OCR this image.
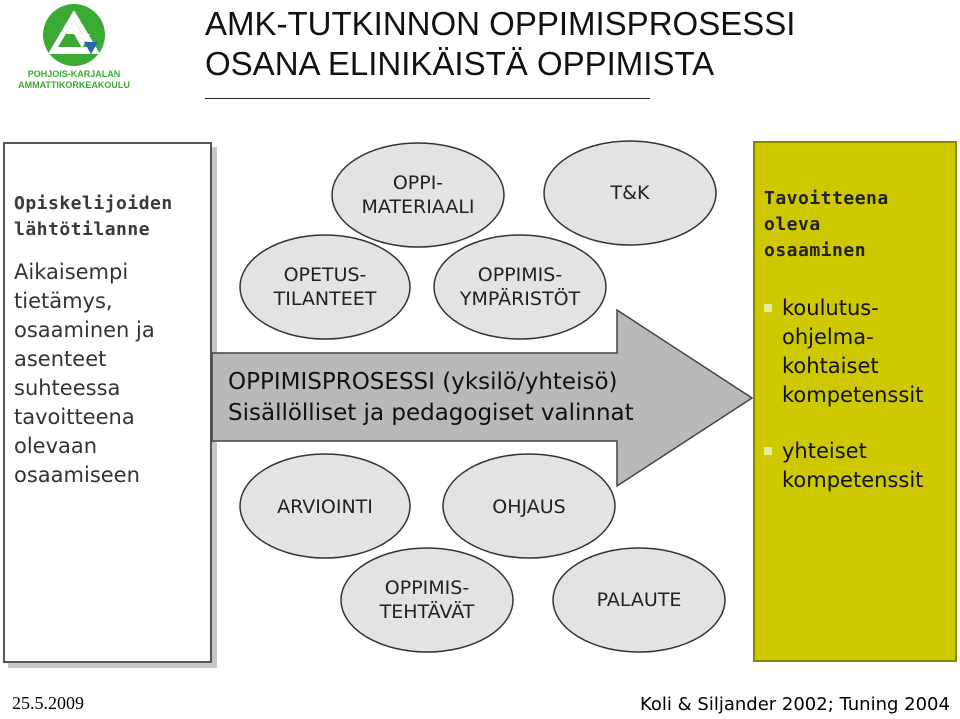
POHJOIS-KARJALAN
AMMATTIKORKEAKOULU
AMK-TUTKINNON OPPIMISPROSESSI
OSANA ELINIKÄISTÄ OPPIMISTA
Opiskelijoiden
lähtötilanne
Aikaisempi
tietämys,
osaaminen ja
asenteet
suhteessa
tavoitteena
olevaan
osaamiseen
Tavoitteena
oleva
osaaminen
koulutus-
ohjelma-
kohtaiset
kompetenssit
yhteiset
kompetenssit
OPPI-
MATERIAALI
T&K
OPETUS-
TILANTEET
OPPIMIS-
YMPÄRISTÖT
ARVIOINTI	OHJAUS
OPPIMIS-
TEHTÄVÄT
PALAUTE
OPPIMISPROSESSI (yksilö/yhteisö)
Sisällölliset ja pedagogiset valinnat
25.5.2009	Koli & Siljander 2002; Tuning 2004
